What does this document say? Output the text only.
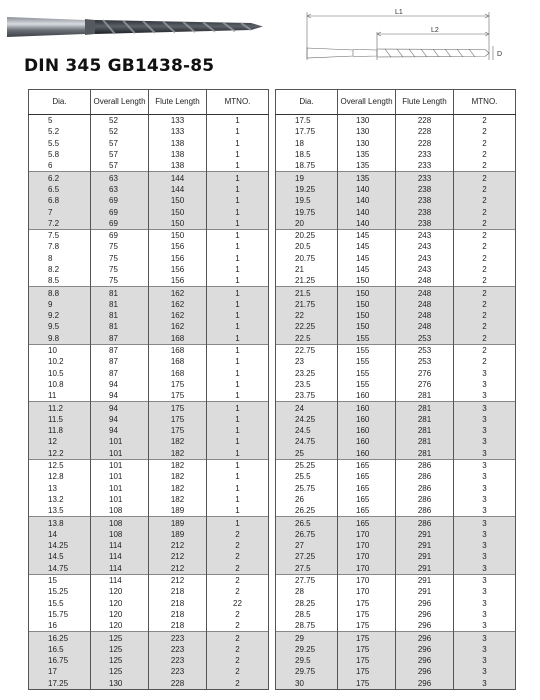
L1
L2
D
DIN 345 GB1438-85
Dia.	Overall Length	Flute Length	MTNO.
5	52	133	1
5.2	52	133	1
5.5	57	138	1
5.8	57	138	1
6	57	138	1
6.2	63	144	1
6.5	63	144	1
6.8	69	150	1
7	69	150	1
7.2	69	150	1
7.5	69	150	1
7.8	75	156	1
8	75	156	1
8.2	75	156	1
8.5	75	156	1
8.8	81	162	1
9	81	162	1
9.2	81	162	1
9.5	81	162	1
9.8	87	168	1
10	87	168	1
10.2	87	168	1
10.5	87	168	1
10.8	94	175	1
11	94	175	1
11.2	94	175	1
11.5	94	175	1
11.8	94	175	1
12	101	182	1
12.2	101	182	1
12.5	101	182	1
12.8	101	182	1
13	101	182	1
13.2	101	182	1
13.5	108	189	1
13.8	108	189	1
14	108	189	2
14.25	114	212	2
14.5	114	212	2
14.75	114	212	2
15	114	212	2
15.25	120	218	2
15.5	120	218	22
15.75	120	218	2
16	120	218	2
16.25	125	223	2
16.5	125	223	2
16.75	125	223	2
17	125	223	2
17.25	130	228	2
Dia.	Overall Length	Flute Length	MTNO.
17.5	130	228	2
17.75	130	228	2
18	130	228	2
18.5	135	233	2
18.75	135	233	2
19	135	233	2
19.25	140	238	2
19.5	140	238	2
19.75	140	238	2
20	140	238	2
20.25	145	243	2
20.5	145	243	2
20.75	145	243	2
21	145	243	2
21.25	150	248	2
21.5	150	248	2
21.75	150	248	2
22	150	248	2
22.25	150	248	2
22.5	155	253	2
22.75	155	253	2
23	155	253	2
23.25	155	276	3
23.5	155	276	3
23.75	160	281	3
24	160	281	3
24.25	160	281	3
24.5	160	281	3
24.75	160	281	3
25	160	281	3
25.25	165	286	3
25.5	165	286	3
25.75	165	286	3
26	165	286	3
26.25	165	286	3
26.5	165	286	3
26.75	170	291	3
27	170	291	3
27.25	170	291	3
27.5	170	291	3
27.75	170	291	3
28	170	291	3
28.25	175	296	3
28.5	175	296	3
28.75	175	296	3
29	175	296	3
29.25	175	296	3
29.5	175	296	3
29.75	175	296	3
30	175	296	3
